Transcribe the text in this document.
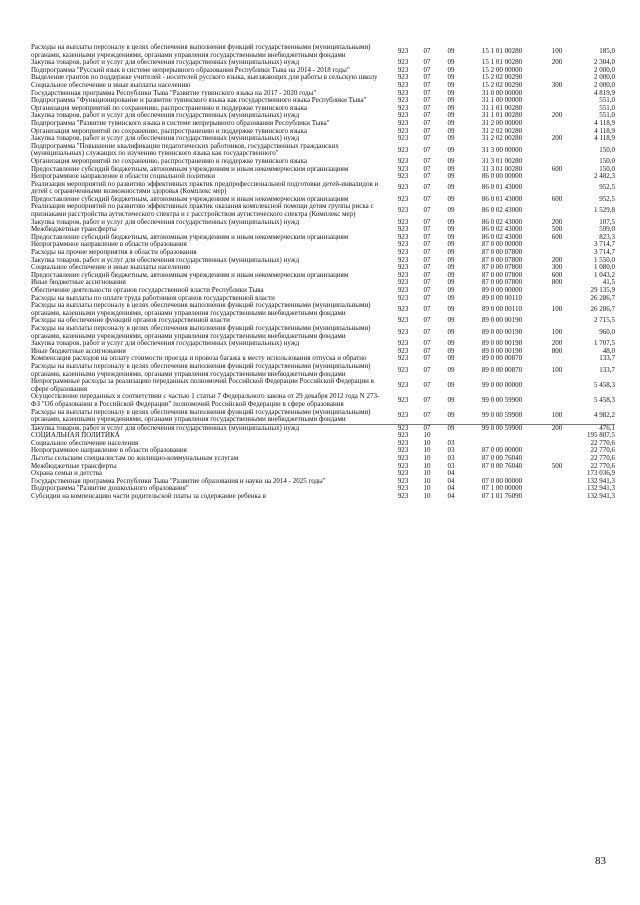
Расходы на выплаты персоналу в целях обеспечения выполнения функций государственными (муниципальными) органами, казенными учреждениями, органами управления государственными внебюджетными фондами	923	07	09	15 1 01 00280	100	185,0
Закупка товаров, работ и услуг для обеспечения государственных (муниципальных) нужд	923	07	09	15 1 01 00280	200	2 304,0
Подпрограмма "Русский язык в системе непрерывного образования Республики Тыва на 2014 - 2018 годы"	923	07	09	15 2 00 00000		2 000,0
Выделение грантов по поддержке учителей - носителей русского языка, выезжающих для работы в сельскую школу	923	07	09	15 2 02 00290		2 000,0
Социальное обеспечение и иные выплаты населению	923	07	09	15 2 02 00290	300	2 000,0
Государственная программа Республики Тыва "Развитие тувинского языка на 2017 - 2020 годы"	923	07	09	31 0 00 00000		4 819,9
Подпрограмма "Функционирование и развитие тувинского языка как государственного языка Республики Тыва"	923	07	09	31 1 00 00000		551,0
Организация мероприятий по сохранению, распространению и поддержке тувинского языка	923	07	09	31 1 01 00280		551,0
Закупка товаров, работ и услуг для обеспечения государственных (муниципальных) нужд	923	07	09	31 1 01 00280	200	551,0
Подпрограмма "Развитие тувинского языка в системе непрерывного образования Республики Тыва"	923	07	09	31 2 00 00000		4 118,9
Организация мероприятий по сохранению, распространению и поддержке тувинского языка	923	07	09	31 2 02 00280		4 118,9
Закупка товаров, работ и услуг для обеспечения государственных (муниципальных) нужд	923	07	09	31 2 02 00280	200	4 118,9
Подпрограмма "Повышение квалификации педагогических работников, государственных гражданских (муниципальных) служащих по изучению тувинского языка как государственного"	923	07	09	31 3 00 00000		150,0
Организация мероприятий по сохранению, распространению и поддержке тувинского языка	923	07	09	31 3 01 00280		150,0
Предоставление субсидий бюджетным, автономным учреждениям и иным некоммерческим организациям	923	07	09	31 3 01 00280	600	150,0
Непрограммное направление в области социальной политики	923	07	09	86 0 00 00000		2 482,3
Реализация мероприятий по развитию эффективных практик предпрофессиональной подготовки детей-инвалидов и детей с ограниченными возможностями здоровья (Комплекс мер)	923	07	09	86 0 01 43000		952,5
Предоставление субсидий бюджетным, автономным учреждениям и иным некоммерческим организациям	923	07	09	86 0 01 43000	600	952,5
Реализация мероприятий по развитию эффективных практик оказания комплексной помощи детям группы риска с признаками расстройства аутистического спектра и с расстройством аутистического спектра (Комплекс мер)	923	07	09	86 0 02 43000		1 529,8
Закупка товаров, работ и услуг для обеспечения государственных (муниципальных) нужд	923	07	09	86 0 02 43000	200	107,5
Межбюджетные трансферты	923	07	09	86 0 02 43000	500	599,0
Предоставление субсидий бюджетным, автономным учреждениям и иным некоммерческим организациям	923	07	09	86 0 02 43000	600	823,3
Непрограммное направление в области образования	923	07	09	87 0 00 00000		3 714,7
Расходы на прочие мероприятия в области образования	923	07	09	87 0 00 07800		3 714,7
Закупка товаров, работ и услуг для обеспечения государственных (муниципальных) нужд	923	07	09	87 0 00 07800	200	1 550,0
Социальное обеспечение и иные выплаты населению	923	07	09	87 0 00 07800	300	1 080,0
Предоставление субсидий бюджетным, автономным учреждениям и иным некоммерческим организациям	923	07	09	87 0 00 07800	600	1 043,2
Иные бюджетные ассигнования	923	07	09	87 0 00 07800	800	41,5
Обеспечение деятельности органов государственной власти Республики Тыва	923	07	09	89 0 00 00000		29 135,9
Расходы на выплаты по оплате труда работников органов государственной власти	923	07	09	89 0 00 00110		26 286,7
Расходы на выплаты персоналу в целях обеспечения выполнения функций государственными (муниципальными) органами, казенными учреждениями, органами управления государственными внебюджетными фондами	923	07	09	89 0 00 00110	100	26 286,7
Расходы на обеспечение функций органов государственной власти	923	07	09	89 0 00 00190		2 715,5
Расходы на выплаты персоналу в целях обеспечения выполнения функций государственными (муниципальными) органами, казенными учреждениями, органами управления государственными внебюджетными фондами	923	07	09	89 0 00 00190	100	960,0
Закупка товаров, работ и услуг для обеспечения государственных (муниципальных) нужд	923	07	09	89 0 00 00190	200	1 707,5
Иные бюджетные ассигнования	923	07	09	89 0 00 00190	800	48,0
Компенсация расходов на оплату стоимости проезда и провоза багажа к месту использования отпуска и обратно	923	07	09	89 0 00 00870		133,7
Расходы на выплаты персоналу в целях обеспечения выполнения функций государственными (муниципальными) органами, казенными учреждениями, органами управления государственными внебюджетными фондами	923	07	09	89 0 00 00870	100	133,7
Непрограммные расходы за реализацию переданных полномочий Российской Федерации Российской Федерации в сфере образования	923	07	09	99 0 00 00000		5 458,3
Осуществление переданных в соответствии с частью 1 статьи 7 Федерального закона от 29 декабря 2012 года N 273-ФЗ "Об образовании в Российской Федерации" полномочий Российской Федерации в сфере образования	923	07	09	99 0 00 59900		5 458,3
Расходы на выплаты персоналу в целях обеспечения выполнения функций государственными (муниципальными) органами, казенными учреждениями, органами управления государственными внебюджетными фондами	923	07	09	99 0 00 59900	100	4 982,2
Закупка товаров, работ и услуг для обеспечения государственных (муниципальных) нужд	923	07	09	99 0 00 59900	200	476,1
СОЦИАЛЬНАЯ ПОЛИТИКА	923	10				195 807,5
Социальное обеспечение населения	923	10	03			22 770,6
Непрограммное направление в области образования	923	10	03	87 0 00 00000		22 770,6
Льготы сельским специалистам по жилищно-коммунальным услугам	923	10	03	87 0 00 76040		22 770,6
Межбюджетные трансферты	923	10	03	87 0 00 76040	500	22 770,6
Охрана семьи и детства	923	10	04			173 036,9
Государственная программа Республики Тыва "Развитие образования и науки на 2014 - 2025 годы"	923	10	04	07 0 00 00000		132 941,3
Подпрограмма "Развитие дошкольного образования"	923	10	04	07 1 00 00000		132 941,3
Субсидии на компенсацию части родительской платы за содержание ребенка в	923	10	04	07 1 01 76090		132 941,3
83
